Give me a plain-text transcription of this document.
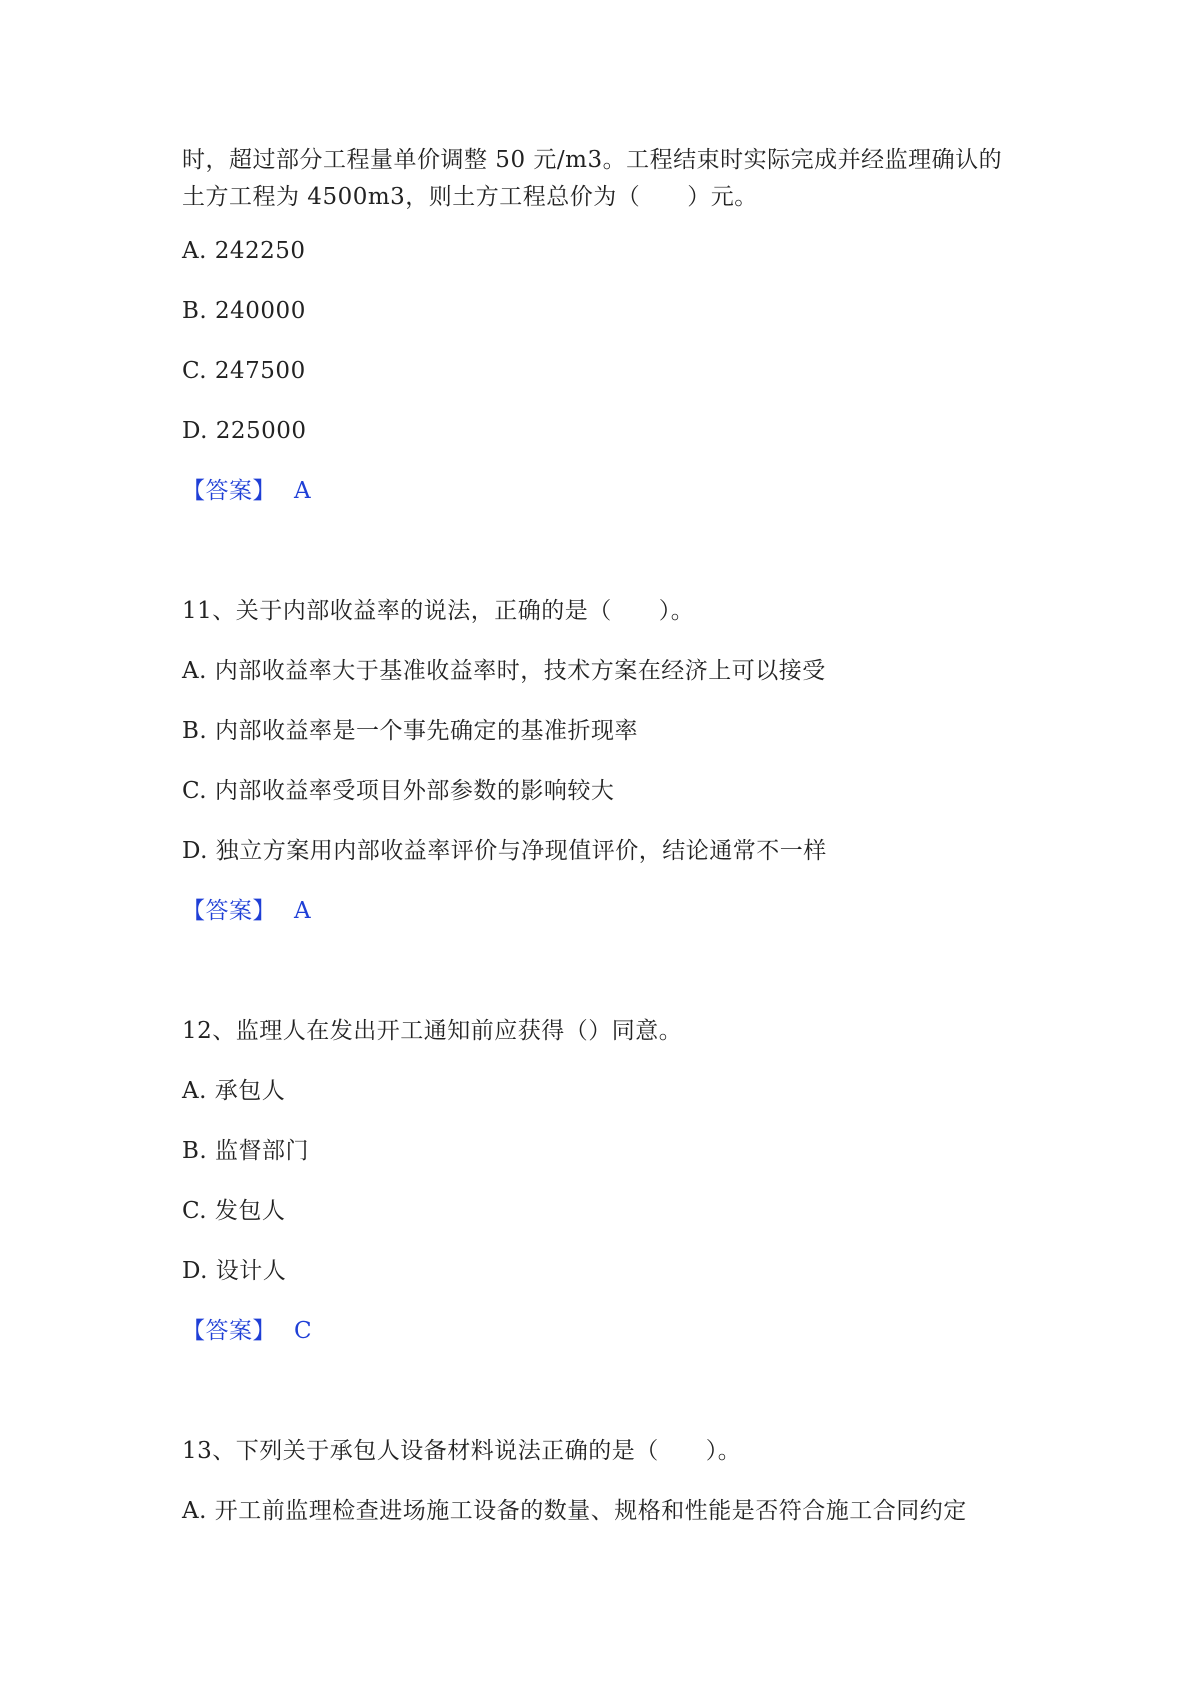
时，超过部分工程量单价调整 50 元/m3。工程结束时实际完成并经监理确认的
土方工程为 4500m3，则土方工程总价为（　　）元。
A. 242250
B. 240000
C. 247500
D. 225000
【答案】 A
11、关于内部收益率的说法，正确的是（　　）。
A. 内部收益率大于基准收益率时，技术方案在经济上可以接受
B. 内部收益率是一个事先确定的基准折现率
C. 内部收益率受项目外部参数的影响较大
D. 独立方案用内部收益率评价与净现值评价，结论通常不一样
【答案】 A
12、监理人在发出开工通知前应获得（）同意。
A. 承包人
B. 监督部门
C. 发包人
D. 设计人
【答案】 C
13、下列关于承包人设备材料说法正确的是（　　）。
A. 开工前监理检查进场施工设备的数量、规格和性能是否符合施工合同约定
